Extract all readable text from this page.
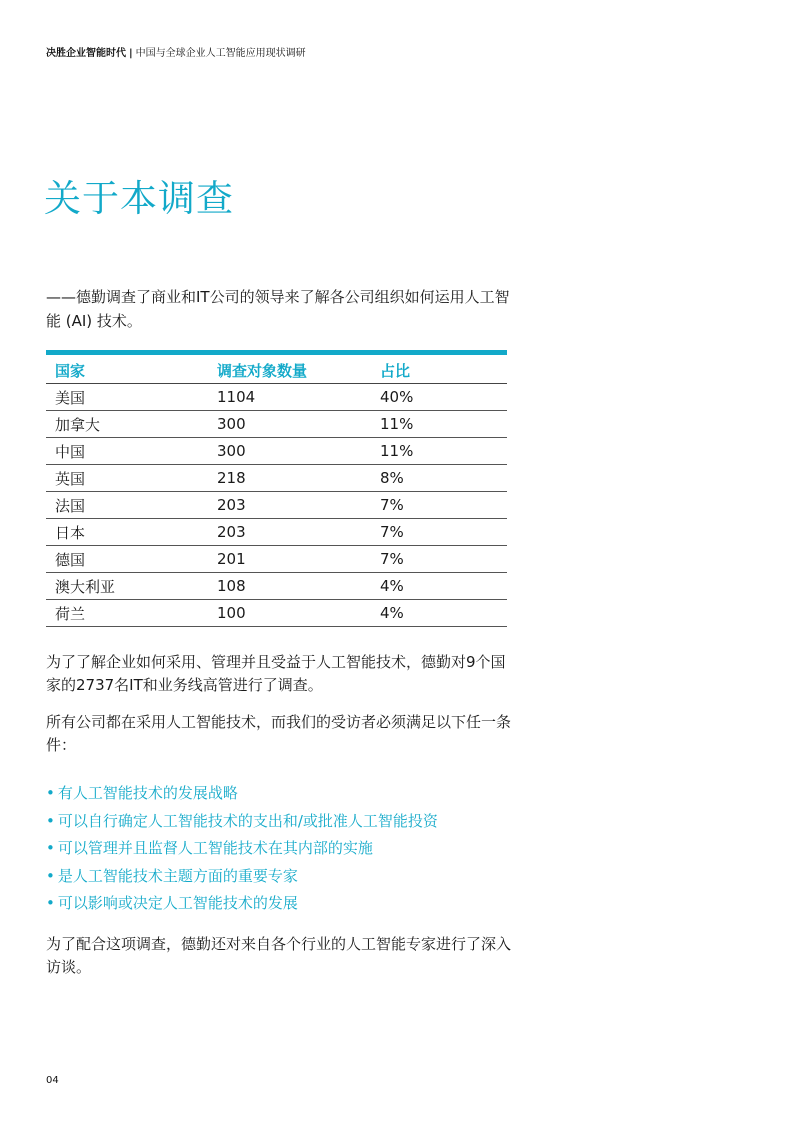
决胜企业智能时代 | 中国与全球企业人工智能应用现状调研
关于本调查
——德勤调查了商业和IT公司的领导来了解各公司组织如何运用人工智能 (AI) 技术。
国家	调查对象数量	占比
美国	1104	40%
加拿大	300	11%
中国	300	11%
英国	218	8%
法国	203	7%
日本	203	7%
德国	201	7%
澳大利亚	108	4%
荷兰	100	4%
为了了解企业如何采用、管理并且受益于人工智能技术，德勤对9个国家的2737名IT和业务线高管进行了调查。
所有公司都在采用人工智能技术，而我们的受访者必须满足以下任一条件：
• 有人工智能技术的发展战略
• 可以自行确定人工智能技术的支出和/或批准人工智能投资
• 可以管理并且监督人工智能技术在其内部的实施
• 是人工智能技术主题方面的重要专家
• 可以影响或决定人工智能技术的发展
为了配合这项调查，德勤还对来自各个行业的人工智能专家进行了深入访谈。
04
